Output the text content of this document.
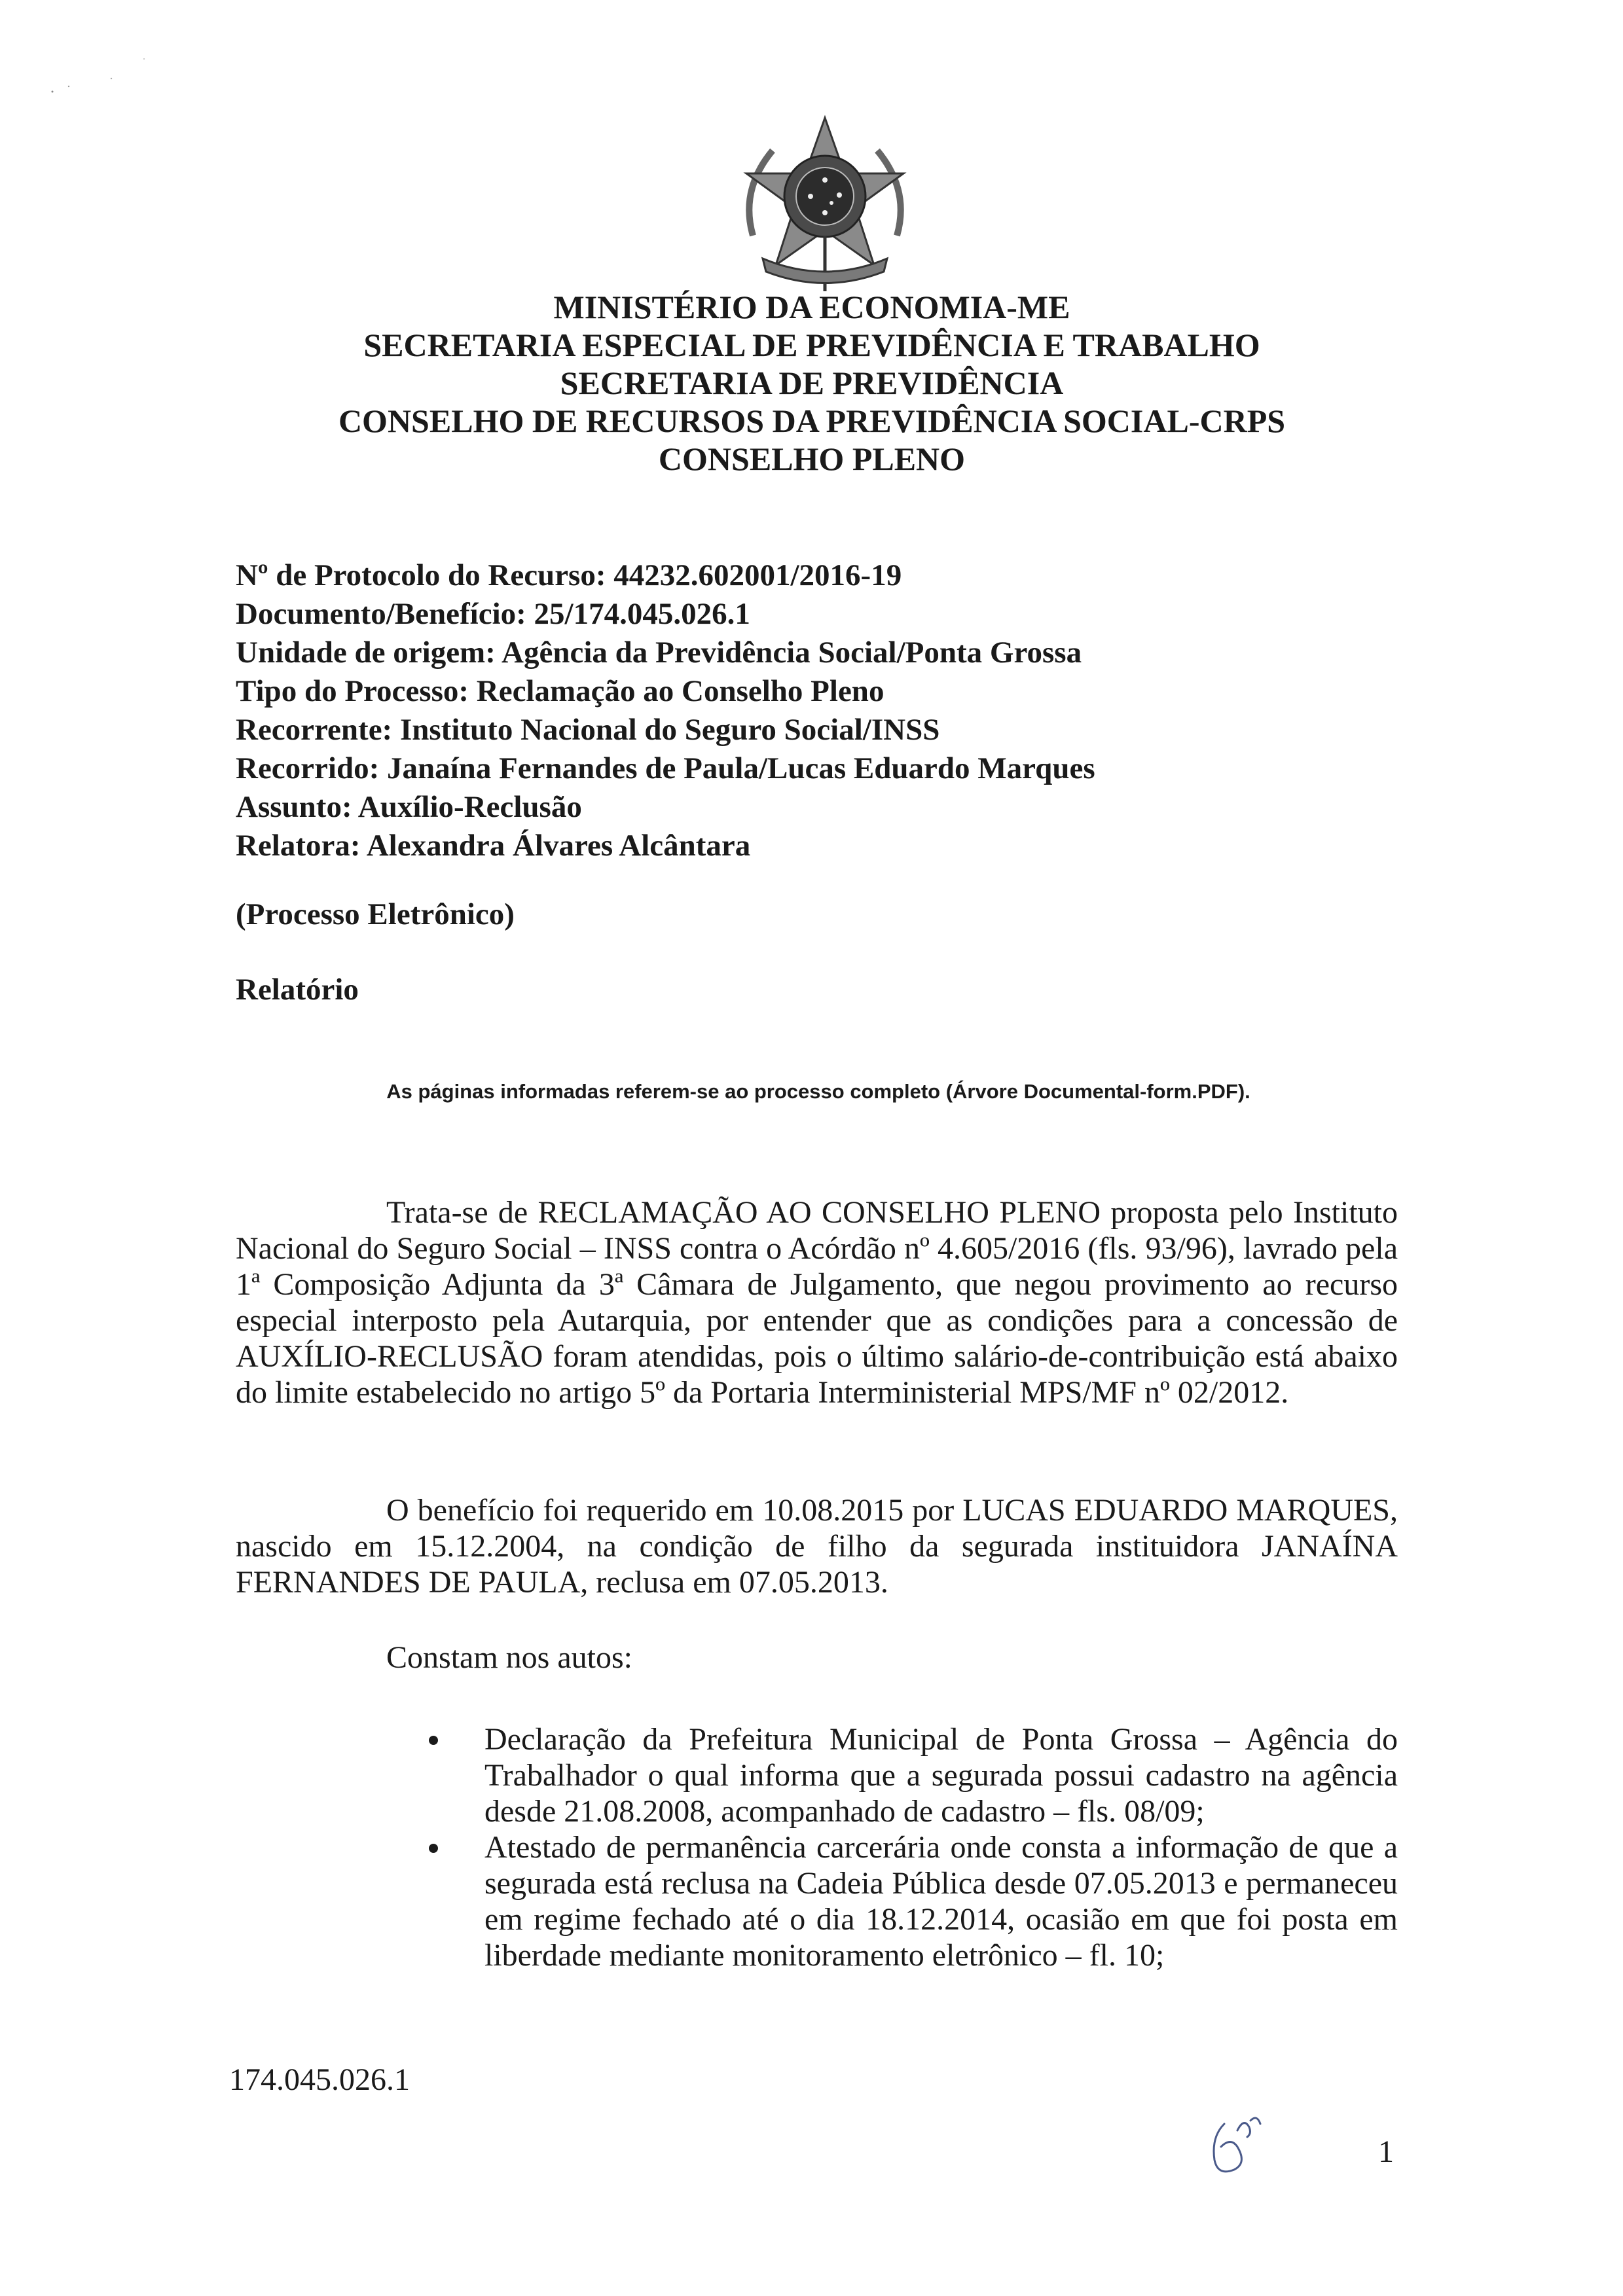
MINISTÉRIO DA ECONOMIA-ME
SECRETARIA ESPECIAL DE PREVIDÊNCIA E TRABALHO
SECRETARIA DE PREVIDÊNCIA
CONSELHO DE RECURSOS DA PREVIDÊNCIA SOCIAL-CRPS
CONSELHO PLENO
Nº de Protocolo do Recurso: 44232.602001/2016-19
Documento/Benefício: 25/174.045.026.1
Unidade de origem: Agência da Previdência Social/Ponta Grossa
Tipo do Processo: Reclamação ao Conselho Pleno
Recorrente: Instituto Nacional do Seguro Social/INSS
Recorrido: Janaína Fernandes de Paula/Lucas Eduardo Marques
Assunto: Auxílio-Reclusão
Relatora: Alexandra Álvares Alcântara
(Processo Eletrônico)
Relatório
As páginas informadas referem-se ao processo completo (Árvore Documental-form.PDF).
Trata-se de RECLAMAÇÃO AO CONSELHO PLENO proposta pelo Instituto Nacional do Seguro Social – INSS contra o Acórdão nº 4.605/2016 (fls. 93/96), lavrado pela 1ª Composição Adjunta da 3ª Câmara de Julgamento, que negou provimento ao recurso especial interposto pela Autarquia, por entender que as condições para a concessão de AUXÍLIO-RECLUSÃO foram atendidas, pois o último salário-de-contribuição está abaixo do limite estabelecido no artigo 5º da Portaria Interministerial MPS/MF nº 02/2012.
O benefício foi requerido em 10.08.2015 por LUCAS EDUARDO MARQUES, nascido em 15.12.2004, na condição de filho da segurada instituidora JANAÍNA FERNANDES DE PAULA, reclusa em 07.05.2013.
Constam nos autos:
Declaração da Prefeitura Municipal de Ponta Grossa – Agência do Trabalhador o qual informa que a segurada possui cadastro na agência desde 21.08.2008, acompanhado de cadastro – fls. 08/09;
Atestado de permanência carcerária onde consta a informação de que a segurada está reclusa na Cadeia Pública desde 07.05.2013 e permaneceu em regime fechado até o dia 18.12.2014, ocasião em que foi posta em liberdade mediante monitoramento eletrônico – fl. 10;
174.045.026.1
1
